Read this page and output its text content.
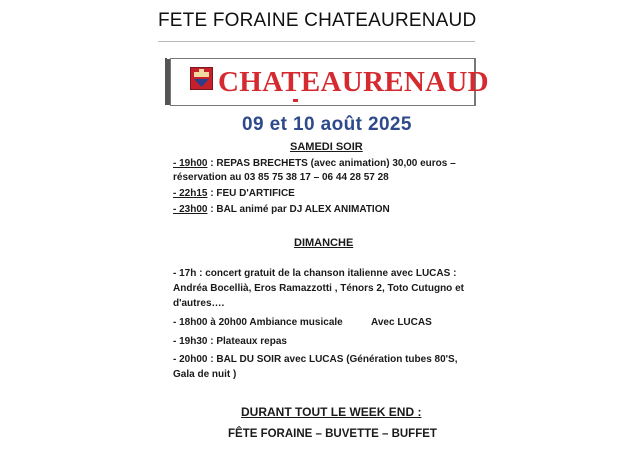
FETE FORAINE CHATEAURENAUD
CHATEAURENAUD
09 et 10 août 2025
SAMEDI SOIR
- 19h00 : REPAS BRECHETS (avec animation) 30,00 euros –
réservation au 03 85 75 38 17 – 06 44 28 57 28
- 22h15 : FEU D'ARTIFICE
- 23h00 : BAL animé par DJ ALEX ANIMATION
DIMANCHE
- 17h : concert gratuit de la chanson italienne avec LUCAS :
Andréa Bocellià, Eros Ramazzotti , Ténors 2, Toto Cutugno et
d'autres….
- 18h00 à 20h00 Ambiance musicale	Avec LUCAS
- 19h30 : Plateaux repas
- 20h00 : BAL DU SOIR avec LUCAS (Génération tubes 80'S,
Gala de nuit )
DURANT TOUT LE WEEK END :
FÊTE FORAINE – BUVETTE – BUFFET
